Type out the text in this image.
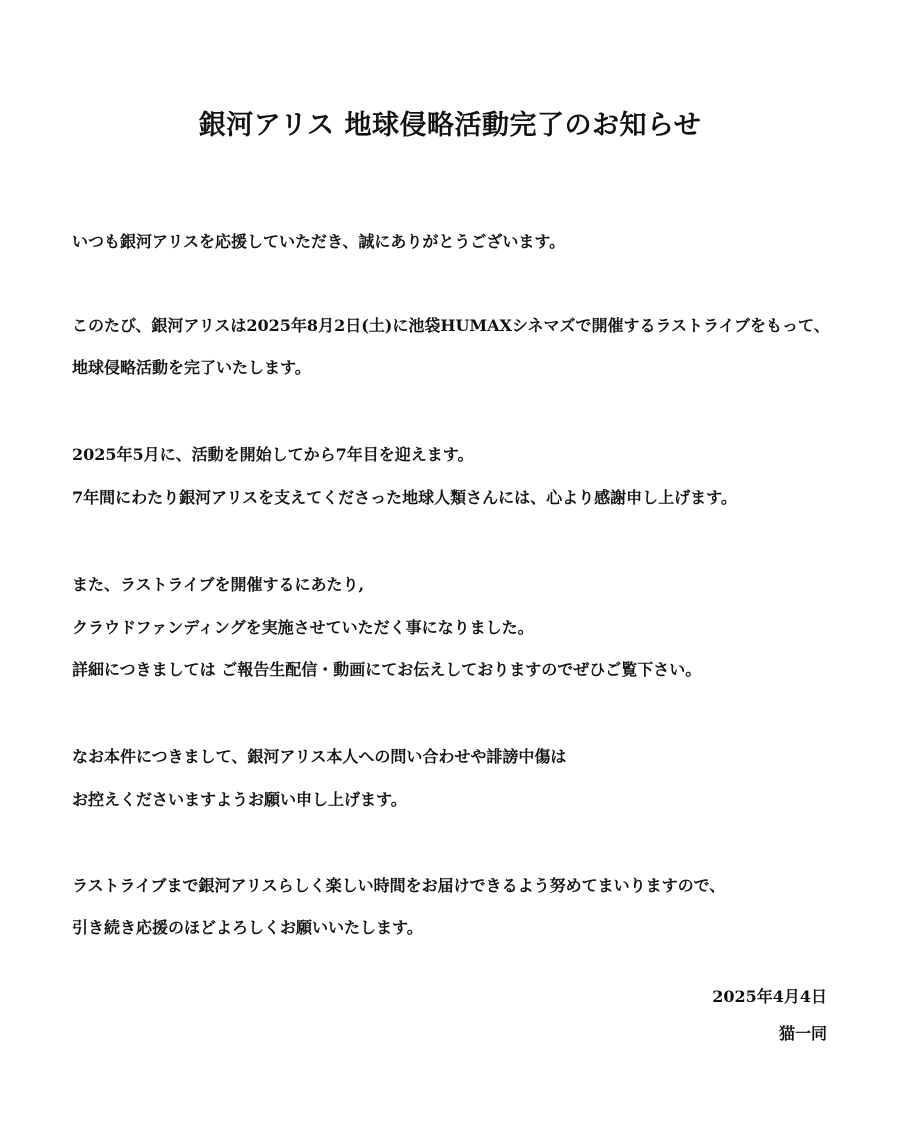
銀河アリス 地球侵略活動完了のお知らせ
いつも銀河アリスを応援していただき、誠にありがとうございます。
このたび、銀河アリスは2025年8月2日(土)に池袋HUMAXシネマズで開催するラストライブをもって、
地球侵略活動を完了いたします。
2025年5月に、活動を開始してから7年目を迎えます。
7年間にわたり銀河アリスを支えてくださった地球人類さんには、心より感謝申し上げます。
また、ラストライブを開催するにあたり,
クラウドファンディングを実施させていただく事になりました。
詳細につきましては ご報告生配信・動画にてお伝えしておりますのでぜひご覧下さい。
なお本件につきまして、銀河アリス本人への問い合わせや誹謗中傷は
お控えくださいますようお願い申し上げます。
ラストライブまで銀河アリスらしく楽しい時間をお届けできるよう努めてまいりますので、
引き続き応援のほどよろしくお願いいたします。
2025年4月4日
猫一同
